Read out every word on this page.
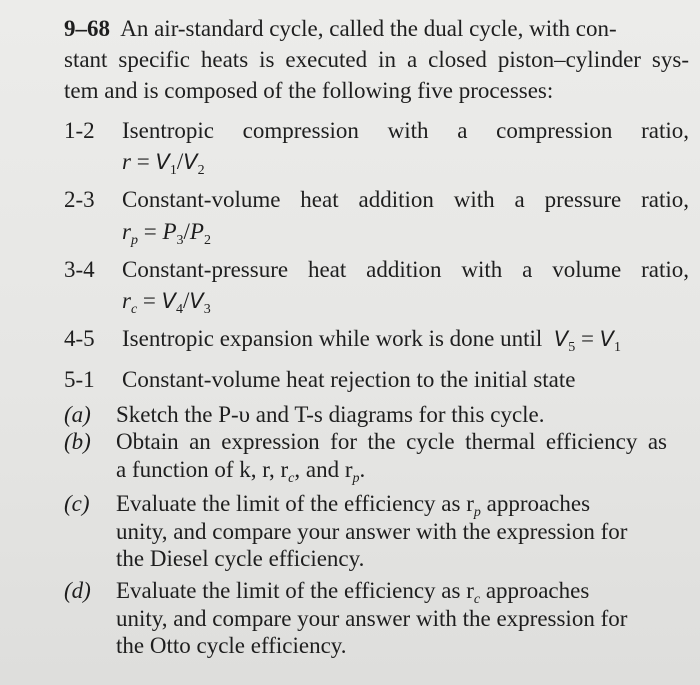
9–68 An air-standard cycle, called the dual cycle, with con-
stant specific heats is executed in a closed piston–cylinder sys-
tem and is composed of the following five processes:
1-2 Isentropic compression with a compression ratio,
$r = V_1/V_2$
2-3 Constant-volume heat addition with a pressure ratio,
$r_p = P_3/P_2$
3-4 Constant-pressure heat addition with a volume ratio,
$r_c = V_4/V_3$
4-5 Isentropic expansion while work is done until $V_5 = V_1$
5-1 Constant-volume heat rejection to the initial state
(a) Sketch the P-υ and T-s diagrams for this cycle.
(b) Obtain an expression for the cycle thermal efficiency as
a function of k, r, $r_c$, and $r_p$.
(c) Evaluate the limit of the efficiency as $r_p$ approaches
unity, and compare your answer with the expression for
the Diesel cycle efficiency.
(d) Evaluate the limit of the efficiency as $r_c$ approaches
unity, and compare your answer with the expression for
the Otto cycle efficiency.
